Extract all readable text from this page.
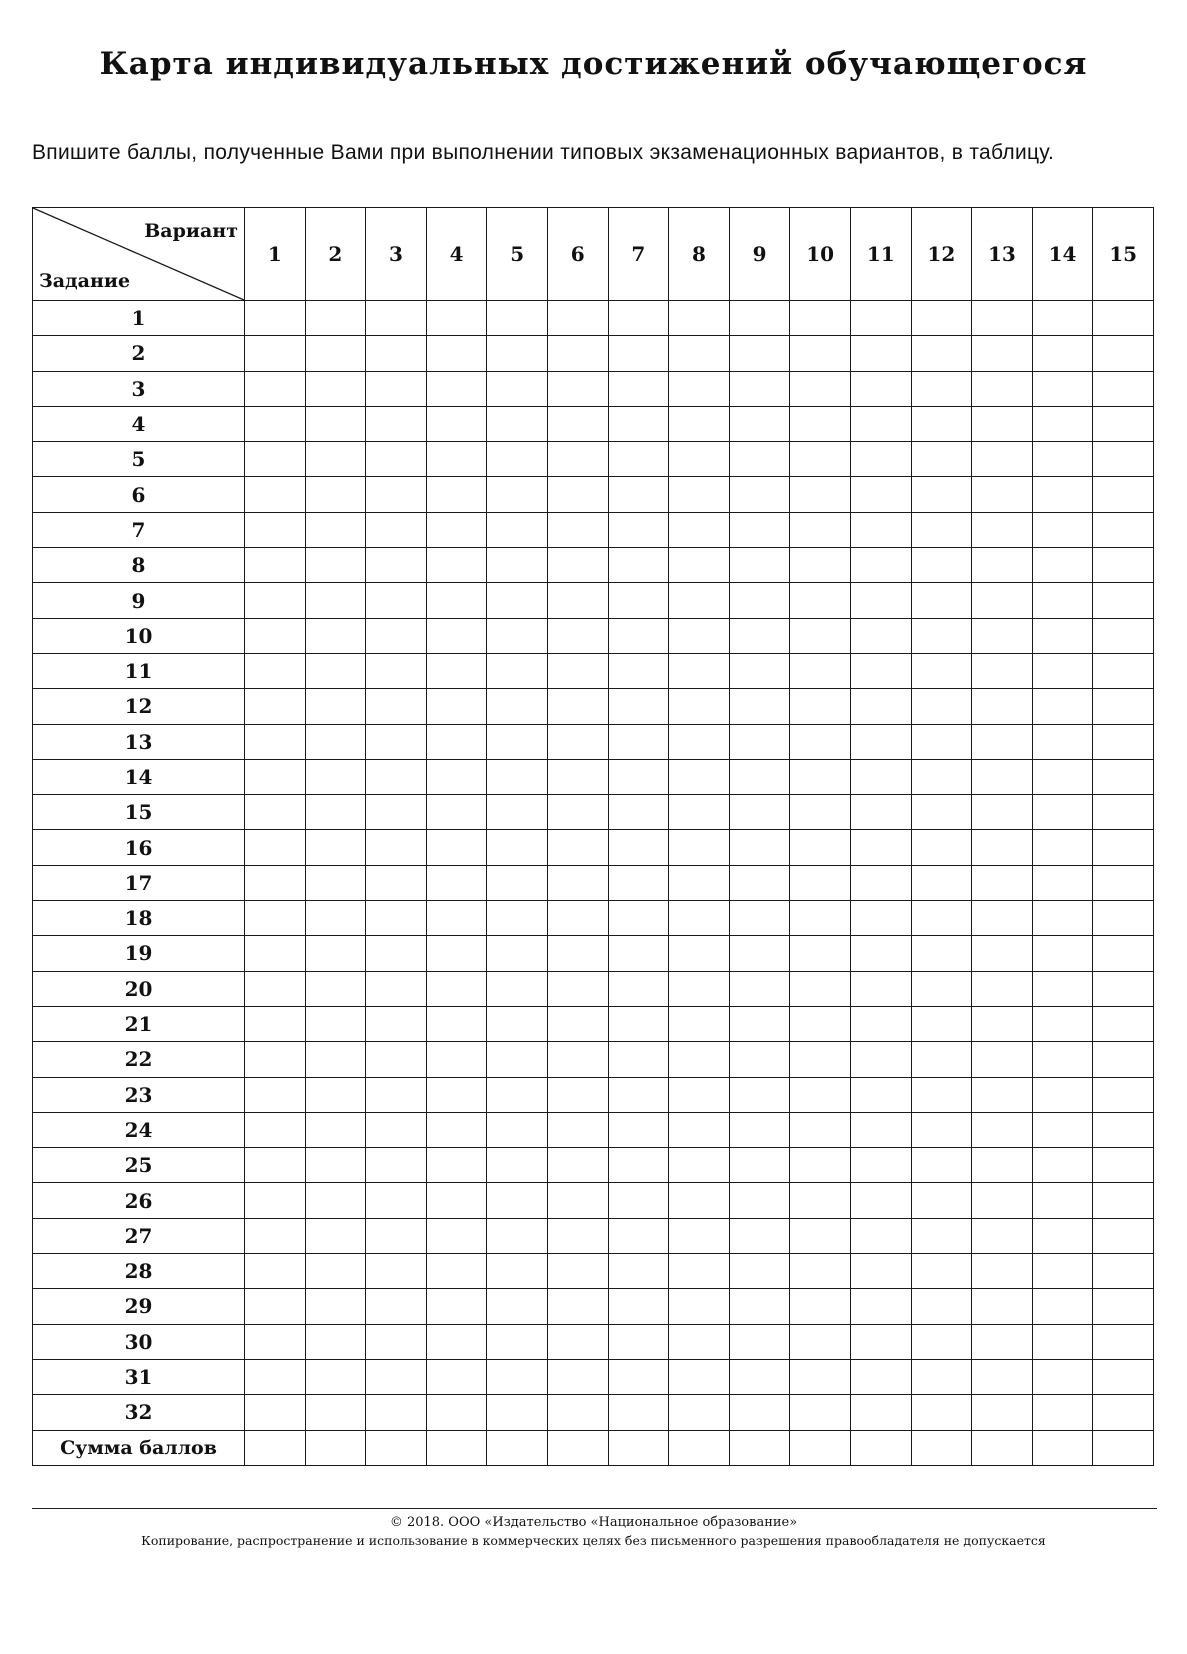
Карта индивидуальных достижений обучающегося
Впишите баллы, полученные Вами при выполнении типовых экзаменационных вариантов, в таблицу.
Вариант
Задание	1	2	3	4	5	6	7	8	9	10	11	12	13	14	15
1															
2															
3															
4															
5															
6															
7															
8															
9															
10															
11															
12															
13															
14															
15															
16															
17															
18															
19															
20															
21															
22															
23															
24															
25															
26															
27															
28															
29															
30															
31															
32															
Сумма баллов															
© 2018. ООО «Издательство «Национальное образование»
Копирование, распространение и использование в коммерческих целях без письменного разрешения правообладателя не допускается
